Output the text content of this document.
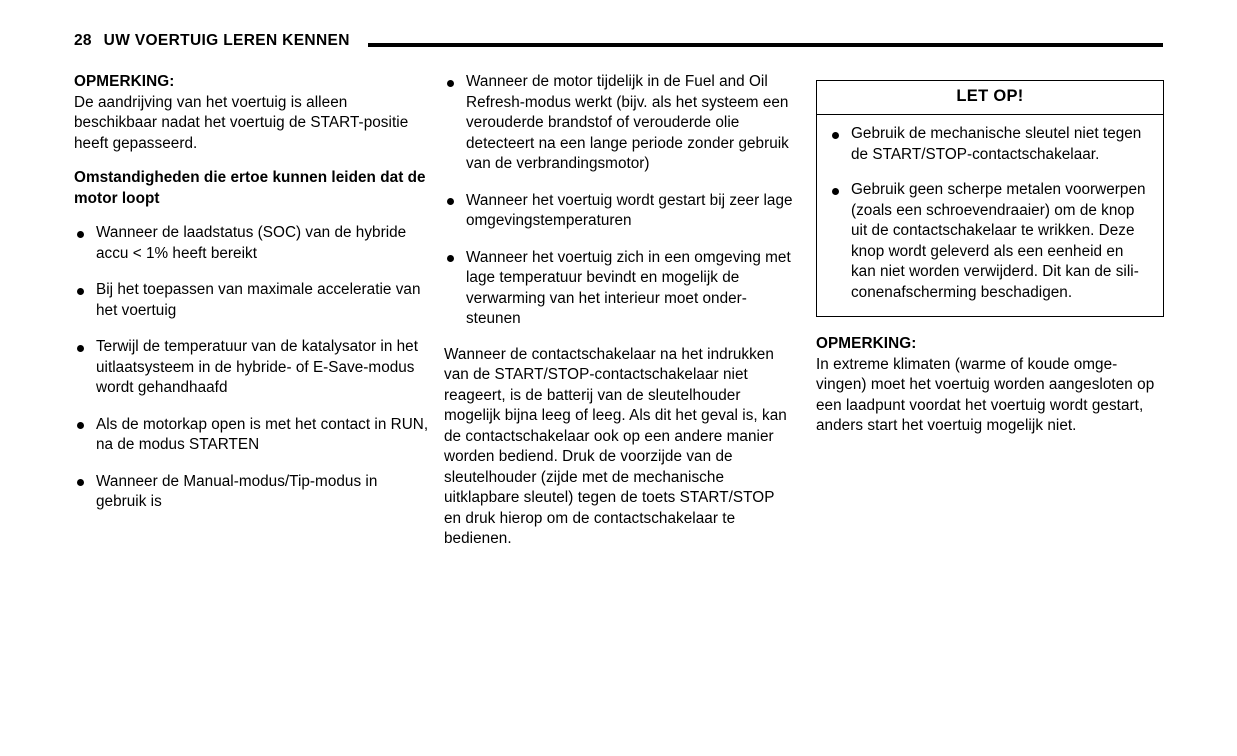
28 UW VOERTUIG LEREN KENNEN
OPMERKING:
De aandrijving van het voertuig is alleen beschikbaar nadat het voertuig de START-positie heeft gepasseerd.
Omstandigheden die ertoe kunnen leiden dat de motor loopt
Wanneer de laadstatus (SOC) van de hybride accu < 1% heeft bereikt
Bij het toepassen van maximale acceleratie van het voertuig
Terwijl de temperatuur van de katalysator in het uitlaatsysteem in de hybride- of E-Save-modus wordt gehandhaafd
Als de motorkap open is met het contact in RUN, na de modus STARTEN
Wanneer de Manual-modus/Tip-modus in gebruik is
Wanneer de motor tijdelijk in de Fuel and Oil Refresh-modus werkt (bijv. als het systeem een verouderde brandstof of verouderde olie detecteert na een lange periode zonder gebruik van de verbrandingsmotor)
Wanneer het voertuig wordt gestart bij zeer lage omgevingstemperaturen
Wanneer het voertuig zich in een omgeving met lage temperatuur bevindt en mogelijk de verwarming van het interieur moet onder-steunen
Wanneer de contactschakelaar na het indrukken van de START/STOP-contactschakelaar niet reageert, is de batterij van de sleutelhouder mogelijk bijna leeg of leeg. Als dit het geval is, kan de contactschakelaar ook op een andere manier worden bediend. Druk de voorzijde van de sleutelhouder (zijde met de mechanische uitklapbare sleutel) tegen de toets START/STOP en druk hierop om de contactschakelaar te bedienen.
LET OP!
Gebruik de mechanische sleutel niet tegen de START/STOP-contactschakelaar.
Gebruik geen scherpe metalen voorwerpen (zoals een schroevendraaier) om de knop uit de contactschakelaar te wrikken. Deze knop wordt geleverd als een eenheid en kan niet worden verwijderd. Dit kan de sili-conenafscherming beschadigen.
OPMERKING:
In extreme klimaten (warme of koude omge-vingen) moet het voertuig worden aangesloten op een laadpunt voordat het voertuig wordt gestart, anders start het voertuig mogelijk niet.
